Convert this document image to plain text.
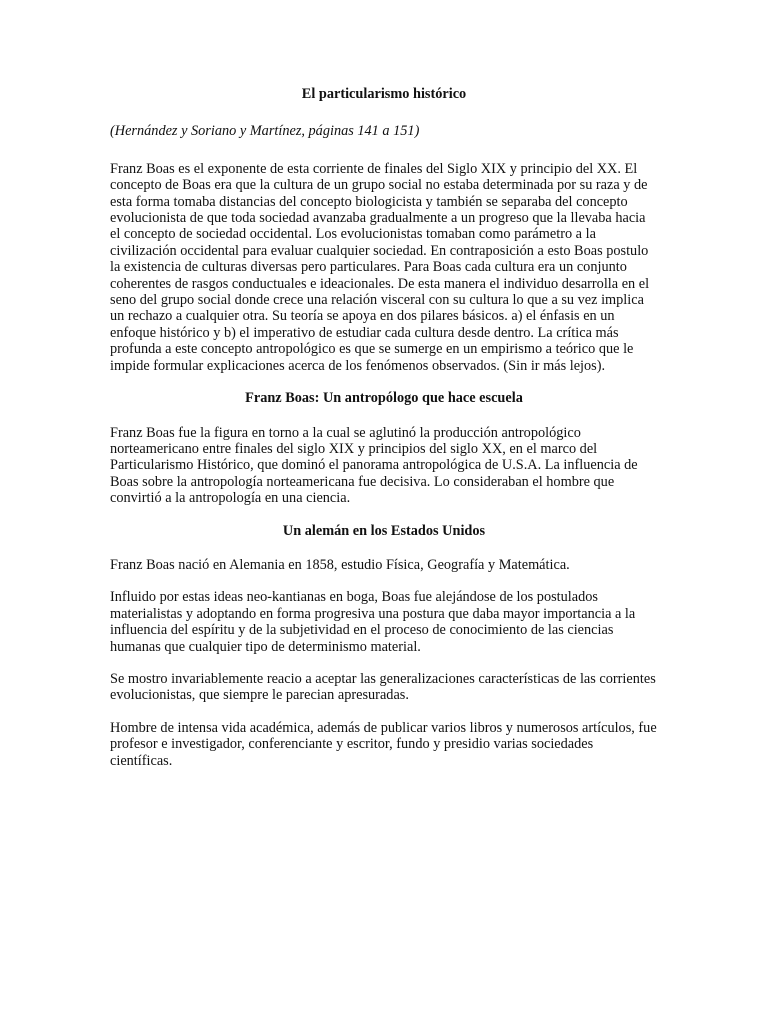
El particularismo histórico

(Hernández y Soriano y Martínez, páginas 141 a 151)

Franz Boas es el exponente de esta corriente de finales del Siglo XIX y principio del XX. El concepto de Boas era que la cultura de un grupo social no estaba determinada por su raza y de esta forma tomaba distancias del concepto biologicista y también se separaba del concepto evolucionista de que toda sociedad avanzaba gradualmente a un progreso que la llevaba hacia el concepto de sociedad occidental. Los evolucionistas tomaban como parámetro a la civilización occidental para evaluar cualquier sociedad. En contraposición a esto Boas postulo la existencia de culturas diversas pero particulares. Para Boas cada cultura era un conjunto coherentes de rasgos conductuales e ideacionales. De esta manera el individuo desarrolla en el seno del grupo social donde crece una relación visceral con su cultura lo que a su vez implica un rechazo a cualquier otra. Su teoría se apoya en dos pilares básicos. a) el énfasis en un enfoque histórico y b) el imperativo de estudiar cada cultura desde dentro. La crítica más profunda a este concepto antropológico es que se sumerge en un empirismo a teórico que le impide formular explicaciones acerca de los fenómenos observados. (Sin ir más lejos).

Franz Boas: Un antropólogo que hace escuela

Franz Boas fue la figura en torno a la cual se aglutinó la producción antropológico norteamericano entre finales del siglo XIX y principios del siglo XX, en el marco del Particularismo Histórico, que dominó el panorama antropológica de U.S.A. La influencia de Boas sobre la antropología norteamericana fue decisiva. Lo consideraban el hombre que convirtió a la antropología en una ciencia.

Un alemán en los Estados Unidos

Franz Boas nació en Alemania en 1858, estudio Física, Geografía y Matemática.

Influido por estas ideas neo-kantianas en boga, Boas fue alejándose de los postulados materialistas y adoptando en forma progresiva una postura que daba mayor importancia a la influencia del espíritu y de la subjetividad en el proceso de conocimiento de las ciencias humanas que cualquier tipo de determinismo material.

Se mostro invariablemente reacio a aceptar las generalizaciones características de las corrientes evolucionistas, que siempre le parecian apresuradas.

Hombre de intensa vida académica, además de publicar varios libros y numerosos artículos, fue profesor e investigador, conferenciante y escritor, fundo y presidio varias sociedades científicas.
